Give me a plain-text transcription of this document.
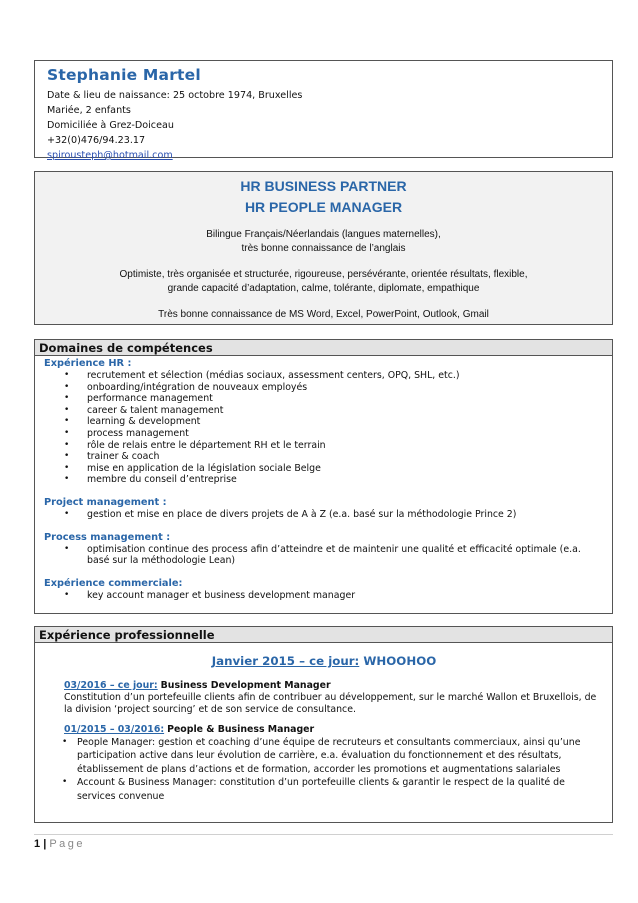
Stephanie Martel
Date & lieu de naissance: 25 octobre 1974, Bruxelles
Mariée, 2 enfants
Domiciliée à Grez-Doiceau
+32(0)476/94.23.17
spirousteph@hotmail.com
HR BUSINESS PARTNER
HR PEOPLE MANAGER
Bilingue Français/Néerlandais (langues maternelles),
très bonne connaissance de l’anglais
Optimiste, très organisée et structurée, rigoureuse, persévérante, orientée résultats, flexible,
grande capacité d’adaptation, calme, tolérante, diplomate, empathique
Très bonne connaissance de MS Word, Excel, PowerPoint, Outlook, Gmail
Domaines de compétences
Expérience HR :
• recrutement et sélection (médias sociaux, assessment centers, OPQ, SHL, etc.)
• onboarding/intégration de nouveaux employés
• performance management
• career & talent management
• learning & development
• process management
• rôle de relais entre le département RH et le terrain
• trainer & coach
• mise en application de la législation sociale Belge
• membre du conseil d’entreprise
Project management :
• gestion et mise en place de divers projets de A à Z (e.a. basé sur la méthodologie Prince 2)
Process management :
• optimisation continue des process afin d’atteindre et de maintenir une qualité et efficacité optimale (e.a. basé sur la méthodologie Lean)
Expérience commerciale:
• key account manager et business development manager
Expérience professionnelle
Janvier 2015 – ce jour: WHOOHOO
03/2016 – ce jour: Business Development Manager
Constitution d’un portefeuille clients afin de contribuer au développement, sur le marché Wallon et Bruxellois, de la division ‘project sourcing’ et de son service de consultance.
01/2015 – 03/2016: People & Business Manager
• People Manager: gestion et coaching d’une équipe de recruteurs et consultants commerciaux, ainsi qu’une participation active dans leur évolution de carrière, e.a. évaluation du fonctionnement et des résultats, établissement de plans d’actions et de formation, accorder les promotions et augmentations salariales
• Account & Business Manager: constitution d’un portefeuille clients & garantir le respect de la qualité de services convenue
1 | Page
